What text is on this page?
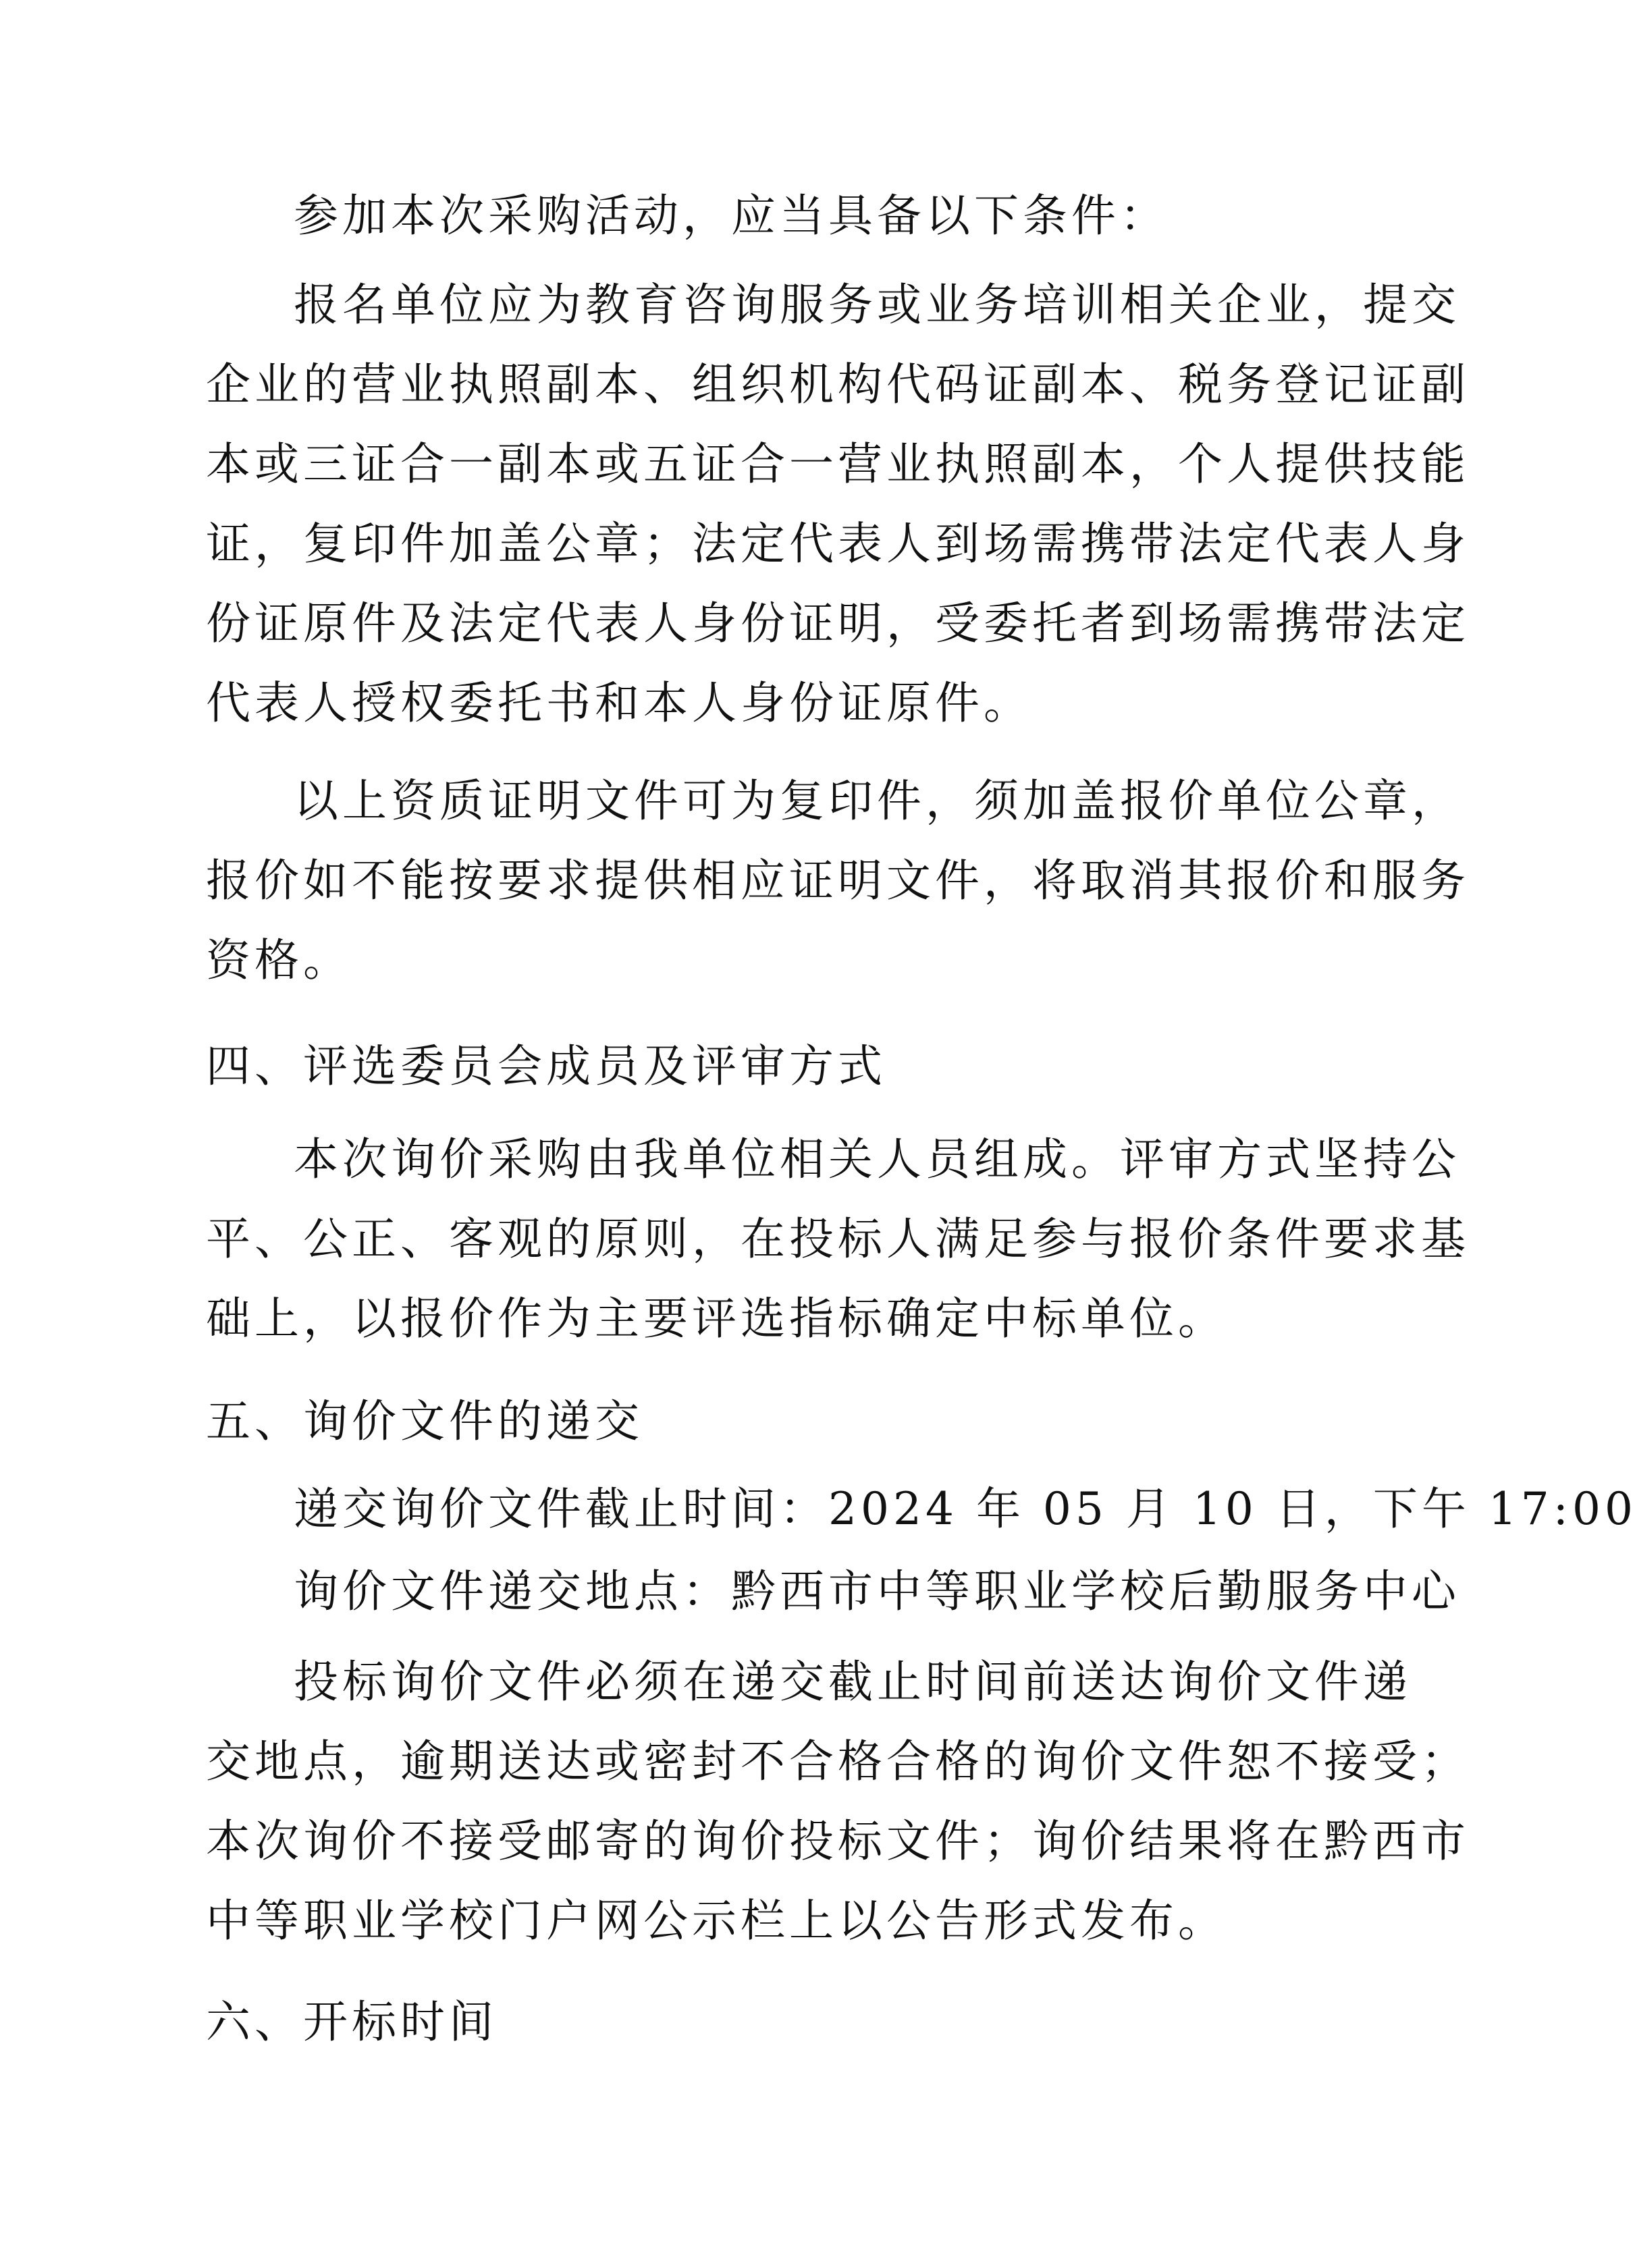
参加本次采购活动，应当具备以下条件：
报名单位应为教育咨询服务或业务培训相关企业，提交
企业的营业执照副本、组织机构代码证副本、税务登记证副
本或三证合一副本或五证合一营业执照副本，个人提供技能
证，复印件加盖公章；法定代表人到场需携带法定代表人身
份证原件及法定代表人身份证明，受委托者到场需携带法定
代表人授权委托书和本人身份证原件。
以上资质证明文件可为复印件，须加盖报价单位公章，
报价如不能按要求提供相应证明文件，将取消其报价和服务
资格。
四、评选委员会成员及评审方式
本次询价采购由我单位相关人员组成。评审方式坚持公
平、公正、客观的原则，在投标人满足参与报价条件要求基
础上，以报价作为主要评选指标确定中标单位。
五、询价文件的递交
递交询价文件截止时间：2024 年 05 月 10 日，下午 17:00
询价文件递交地点：黔西市中等职业学校后勤服务中心
投标询价文件必须在递交截止时间前送达询价文件递
交地点，逾期送达或密封不合格合格的询价文件恕不接受；
本次询价不接受邮寄的询价投标文件；询价结果将在黔西市
中等职业学校门户网公示栏上以公告形式发布。
六、开标时间
